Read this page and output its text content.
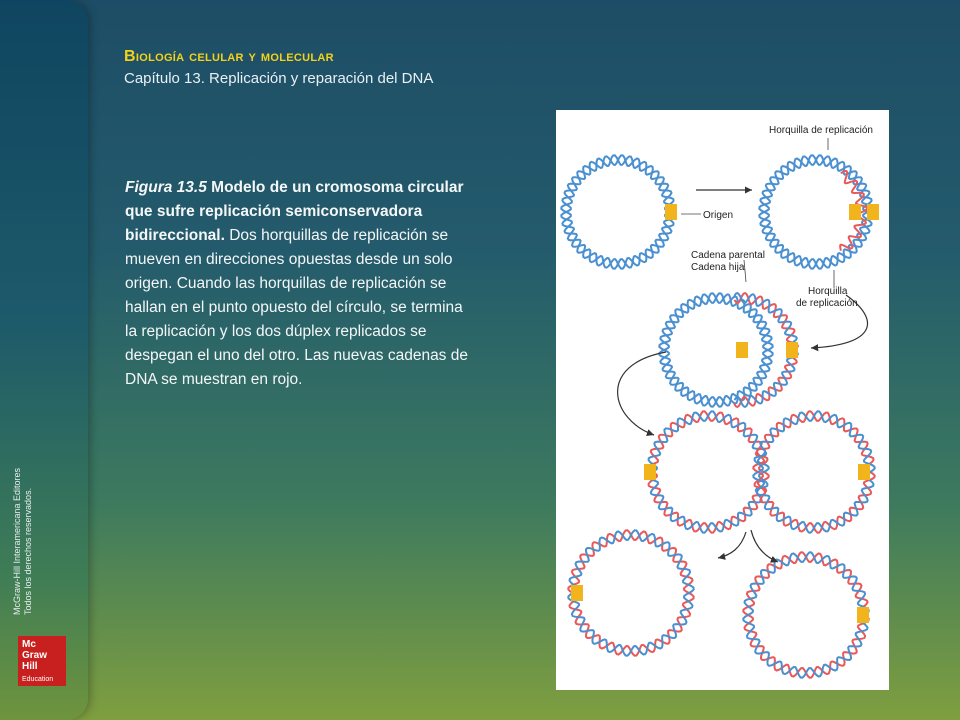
McGraw-Hill Interamericana Editores Todos los derechos reservados.
Mc
Graw
Hill
Education
Biología celular y molecular
Capítulo 13. Replicación y reparación del DNA
Figura 13.5 Modelo de un cromosoma circular que sufre replicación semiconservadora bidireccional. Dos horquillas de replicación se mueven en direcciones opuestas desde un solo origen. Cuando las horquillas de replicación se hallan en el punto opuesto del círculo, se termina la replicación y los dos dúplex replicados se despegan el uno del otro. Las nuevas cadenas de DNA se muestran en rojo.
Horquilla de replicación
Origen
Cadena parental
Cadena hija
Horquilla
de replicación
